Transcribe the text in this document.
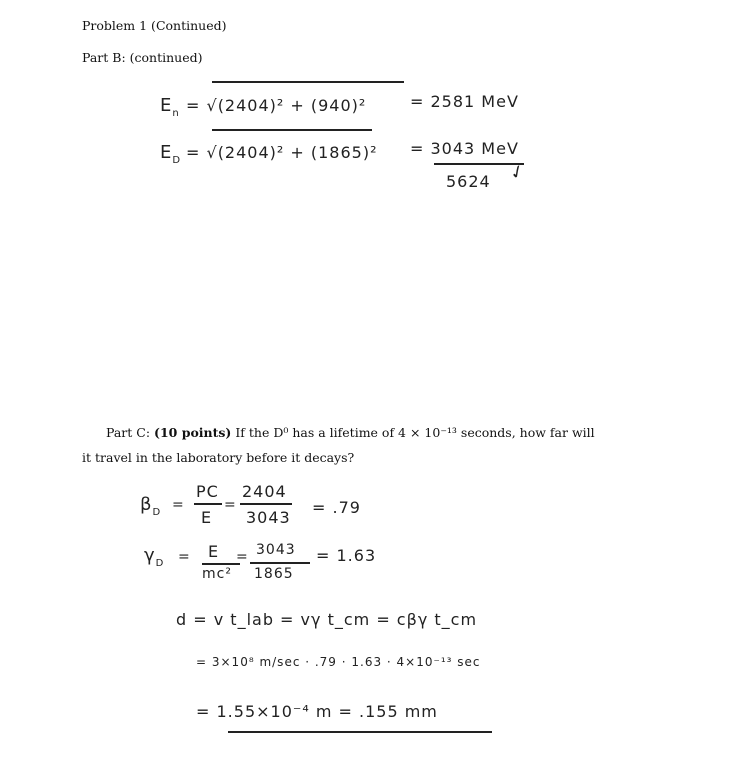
Problem 1 (Continued)
Part B: (continued)
$E_n = √(2404)^2 + (940)^2$	= 2581 MeV
$E_D = √(2404)^2 + (1865)^2 = 3043$ MeV
5624 ✓
Part C: (10 points) If the D⁰ has a lifetime of 4 × 10⁻¹³ seconds, how far will
it travel in the laboratory before it decays?
$\beta_D$ =
PC
E
=
2404
3043
= .79
$\gamma_D = E$
mc²
= 3043
1865
= 1.63
d = v t_lab = vγ t_cm = cβγ t_cm
= 3×10⁸ m/sec · .79 · 1.63 · 4×10⁻¹³ sec
= 1.55×10⁻⁴ m = .155 mm
